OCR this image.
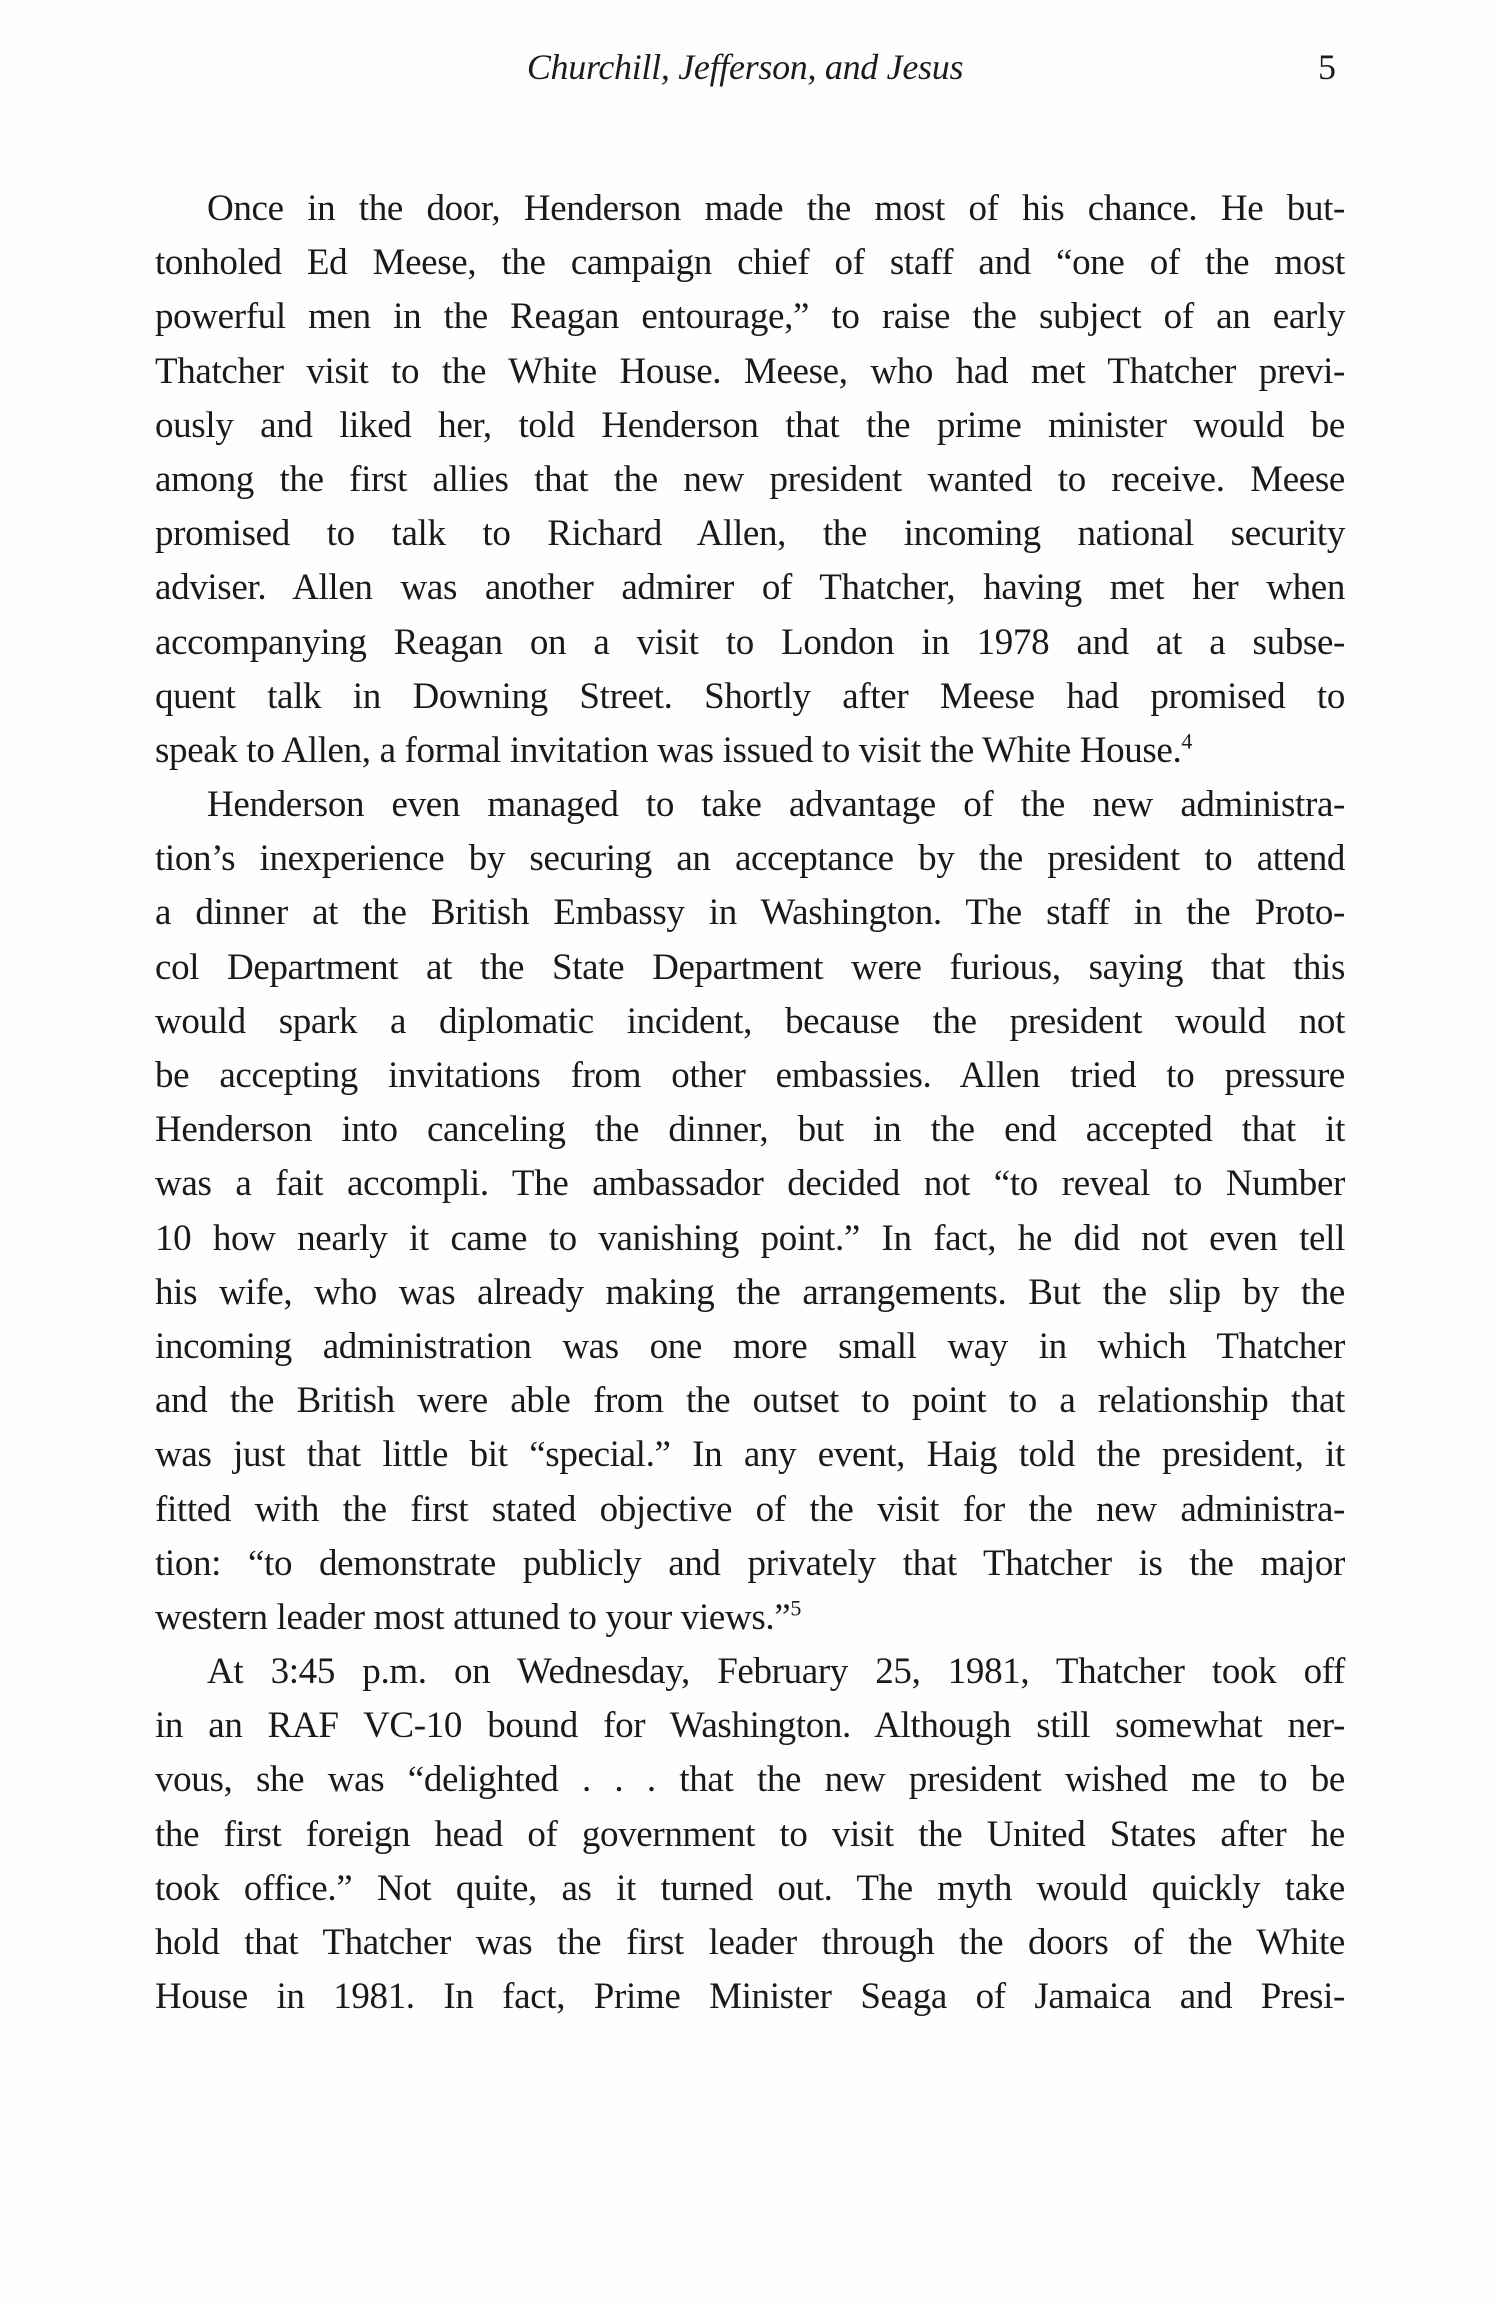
Churchill, Jefferson, and Jesus	5
Once in the door, Henderson made the most of his chance. He but-
tonholed Ed Meese, the campaign chief of staff and “one of the most
powerful men in the Reagan entourage,” to raise the subject of an early
Thatcher visit to the White House. Meese, who had met Thatcher previ-
ously and liked her, told Henderson that the prime minister would be
among the first allies that the new president wanted to receive. Meese
promised to talk to Richard Allen, the incoming national security
adviser. Allen was another admirer of Thatcher, having met her when
accompanying Reagan on a visit to London in 1978 and at a subse-
quent talk in Downing Street. Shortly after Meese had promised to
speak to Allen, a formal invitation was issued to visit the White House.$^4$
Henderson even managed to take advantage of the new administra-
tion’s inexperience by securing an acceptance by the president to attend
a dinner at the British Embassy in Washington. The staff in the Proto-
col Department at the State Department were furious, saying that this
would spark a diplomatic incident, because the president would not
be accepting invitations from other embassies. Allen tried to pressure
Henderson into canceling the dinner, but in the end accepted that it
was a fait accompli. The ambassador decided not “to reveal to Number
10 how nearly it came to vanishing point.” In fact, he did not even tell
his wife, who was already making the arrangements. But the slip by the
incoming administration was one more small way in which Thatcher
and the British were able from the outset to point to a relationship that
was just that little bit “special.” In any event, Haig told the president, it
fitted with the first stated objective of the visit for the new administra-
tion: “to demonstrate publicly and privately that Thatcher is the major
western leader most attuned to your views.”$^5$
At 3:45 p.m. on Wednesday, February 25, 1981, Thatcher took off
in an RAF VC-10 bound for Washington. Although still somewhat ner-
vous, she was “delighted . . . that the new president wished me to be
the first foreign head of government to visit the United States after he
took office.” Not quite, as it turned out. The myth would quickly take
hold that Thatcher was the first leader through the doors of the White
House in 1981. In fact, Prime Minister Seaga of Jamaica and Presi-
